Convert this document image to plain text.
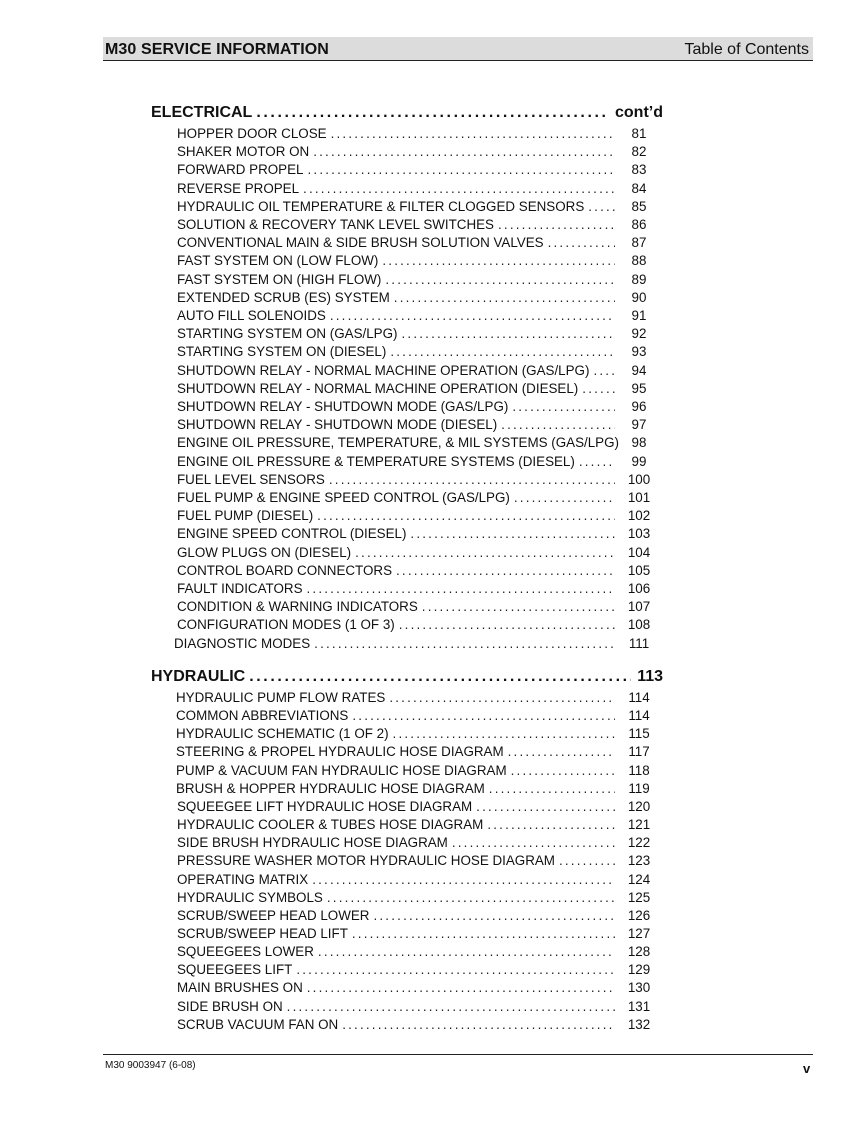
M30 SERVICE INFORMATION	Table of Contents
ELECTRICAL .....	cont’d
HOPPER DOOR CLOSE .....	81
SHAKER MOTOR ON .....	82
FORWARD PROPEL .....	83
REVERSE PROPEL .....	84
HYDRAULIC OIL TEMPERATURE & FILTER CLOGGED SENSORS .....	85
SOLUTION & RECOVERY TANK LEVEL SWITCHES .....	86
CONVENTIONAL MAIN & SIDE BRUSH SOLUTION VALVES .....	87
FAST SYSTEM ON (LOW FLOW) .....	88
FAST SYSTEM ON (HIGH FLOW) .....	89
EXTENDED SCRUB (ES) SYSTEM .....	90
AUTO FILL SOLENOIDS .....	91
STARTING SYSTEM ON (GAS/LPG) .....	92
STARTING SYSTEM ON (DIESEL) .....	93
SHUTDOWN RELAY - NORMAL MACHINE OPERATION (GAS/LPG) .....	94
SHUTDOWN RELAY - NORMAL MACHINE OPERATION (DIESEL) .....	95
SHUTDOWN RELAY - SHUTDOWN MODE (GAS/LPG) .....	96
SHUTDOWN RELAY - SHUTDOWN MODE (DIESEL) .....	97
ENGINE OIL PRESSURE, TEMPERATURE, & MIL SYSTEMS (GAS/LPG) ..... 98
ENGINE OIL PRESSURE & TEMPERATURE SYSTEMS (DIESEL) .....	99
FUEL LEVEL SENSORS .....	100
FUEL PUMP & ENGINE SPEED CONTROL (GAS/LPG) .....	101
FUEL PUMP (DIESEL) .....	102
ENGINE SPEED CONTROL (DIESEL) .....	103
GLOW PLUGS ON (DIESEL) .....	104
CONTROL BOARD CONNECTORS .....	105
FAULT INDICATORS .....	106
CONDITION & WARNING INDICATORS .....	107
CONFIGURATION MODES (1 OF 3) .....	108
DIAGNOSTIC MODES .....	111
HYDRAULIC .....	113
HYDRAULIC PUMP FLOW RATES .....	114
COMMON ABBREVIATIONS .....	114
HYDRAULIC SCHEMATIC (1 OF 2) .....	115
STEERING & PROPEL HYDRAULIC HOSE DIAGRAM .....	117
PUMP & VACUUM FAN HYDRAULIC HOSE DIAGRAM .....	118
BRUSH & HOPPER HYDRAULIC HOSE DIAGRAM .....	119
SQUEEGEE LIFT HYDRAULIC HOSE DIAGRAM .....	120
HYDRAULIC COOLER & TUBES HOSE DIAGRAM .....	121
SIDE BRUSH HYDRAULIC HOSE DIAGRAM .....	122
PRESSURE WASHER MOTOR HYDRAULIC HOSE DIAGRAM .....	123
OPERATING MATRIX .....	124
HYDRAULIC SYMBOLS .....	125
SCRUB/SWEEP HEAD LOWER .....	126
SCRUB/SWEEP HEAD LIFT .....	127
SQUEEGEES LOWER .....	128
SQUEEGEES LIFT .....	129
MAIN BRUSHES ON .....	130
SIDE BRUSH ON .....	131
SCRUB VACUUM FAN ON .....	132
M30 9003947 (6-08)	v
